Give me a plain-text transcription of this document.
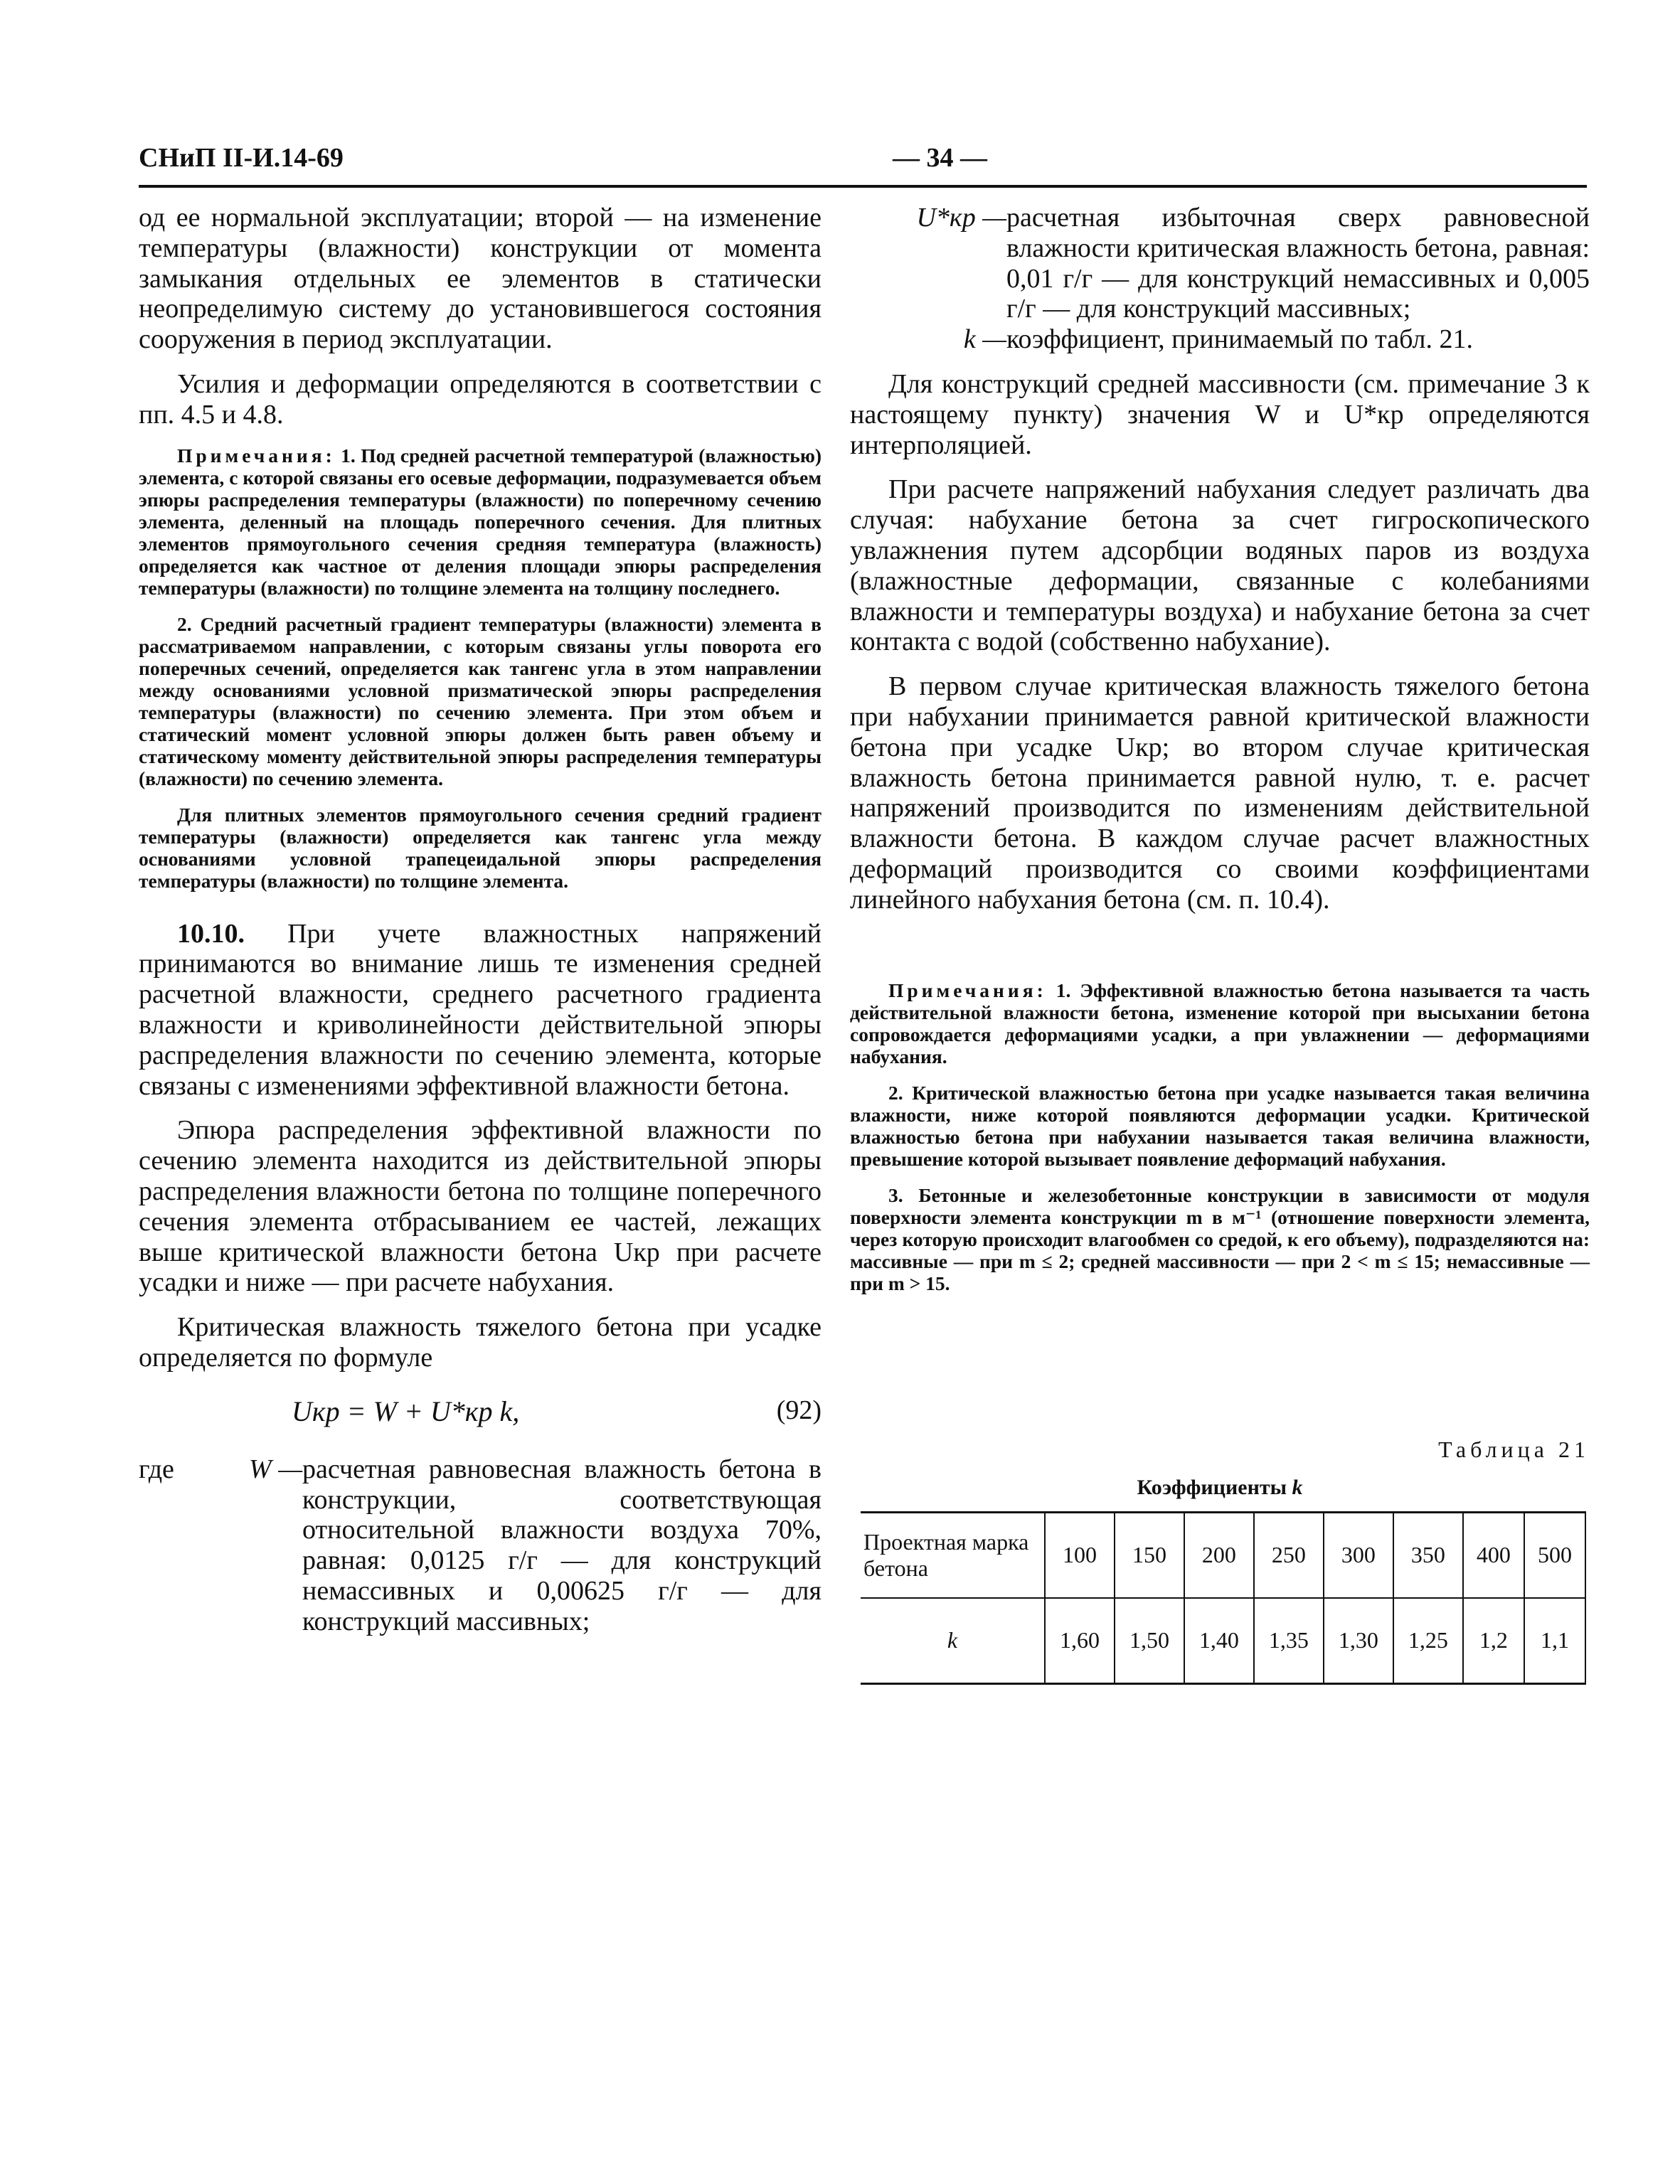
СНиП II-И.14-69	— 34 —

од ее нормальной эксплуатации; второй — на изменение температуры (влажности) конструкции от момента замыкания отдельных ее элементов в статически неопределимую систему до установившегося состояния сооружения в период эксплуатации.

Усилия и деформации определяются в соответствии с пп. 4.5 и 4.8.

Примечания: 1. Под средней расчетной температурой (влажностью) элемента, с которой связаны его осевые деформации, подразумевается объем эпюры распределения температуры (влажности) по поперечному сечению элемента, деленный на площадь поперечного сечения. Для плитных элементов прямоугольного сечения средняя температура (влажность) определяется как частное от деления площади эпюры распределения температуры (влажности) по толщине элемента на толщину последнего.

2. Средний расчетный градиент температуры (влажности) элемента в рассматриваемом направлении, с которым связаны углы поворота его поперечных сечений, определяется как тангенс угла в этом направлении между основаниями условной призматической эпюры распределения температуры (влажности) по сечению элемента. При этом объем и статический момент условной эпюры должен быть равен объему и статическому моменту действительной эпюры распределения температуры (влажности) по сечению элемента.

Для плитных элементов прямоугольного сечения средний градиент температуры (влажности) определяется как тангенс угла между основаниями условной трапецеидальной эпюры распределения температуры (влажности) по толщине элемента.

10.10. При учете влажностных напряжений принимаются во внимание лишь те изменения средней расчетной влажности, среднего расчетного градиента влажности и криволинейности действительной эпюры распределения влажности по сечению элемента, которые связаны с изменениями эффективной влажности бетона.

Эпюра распределения эффективной влажности по сечению элемента находится из действительной эпюры распределения влажности бетона по толщине поперечного сечения элемента отбрасыванием ее частей, лежащих выше критической влажности бетона Uкр при расчете усадки и ниже — при расчете набухания.

Критическая влажность тяжелого бетона при усадке определяется по формуле

Uкр = W + U*кр k,	(92)
где	W — расчетная равновесная влажность бетона в конструкции, соответствующая относительной влажности воздуха 70%, равная: 0,0125 г/г — для конструкций немассивных и 0,00625 г/г — для конструкций массивных;
U*кр — расчетная избыточная сверх равновесной влажности критическая влажность бетона, равная: 0,01 г/г — для конструкций немассивных и 0,005 г/г — для конструкций массивных;
k — коэффициент, принимаемый по табл. 21.

Для конструкций средней массивности (см. примечание 3 к настоящему пункту) значения W и U*кр определяются интерполяцией.

При расчете напряжений набухания следует различать два случая: набухание бетона за счет гигроскопического увлажнения путем адсорбции водяных паров из воздуха (влажностные деформации, связанные с колебаниями влажности и температуры воздуха) и набухание бетона за счет контакта с водой (собственно набухание).

В первом случае критическая влажность тяжелого бетона при набухании принимается равной критической влажности бетона при усадке Uкр; во втором случае критическая влажность бетона принимается равной нулю, т. е. расчет напряжений производится по изменениям действительной влажности бетона. В каждом случае расчет влажностных деформаций производится со своими коэффициентами линейного набухания бетона (см. п. 10.4).

Примечания: 1. Эффективной влажностью бетона называется та часть действительной влажности бетона, изменение которой при высыхании бетона сопровождается деформациями усадки, а при увлажнении — деформациями набухания.

2. Критической влажностью бетона при усадке называется такая величина влажности, ниже которой появляются деформации усадки. Критической влажностью бетона при набухании называется такая величина влажности, превышение которой вызывает появление деформаций набухания.

3. Бетонные и железобетонные конструкции в зависимости от модуля поверхности элемента конструкции m в м⁻¹ (отношение поверхности элемента, через которую происходит влагообмен со средой, к его объему), подразделяются на: массивные — при m ≤ 2; средней массивности — при 2 < m ≤ 15; немассивные — при m > 15.

Таблица 21
Коэффициенты k
Проектная марка бетона	100	150	200	250	300	350	400	500
k	1,60	1,50	1,40	1,35	1,30	1,25	1,2	1,1
